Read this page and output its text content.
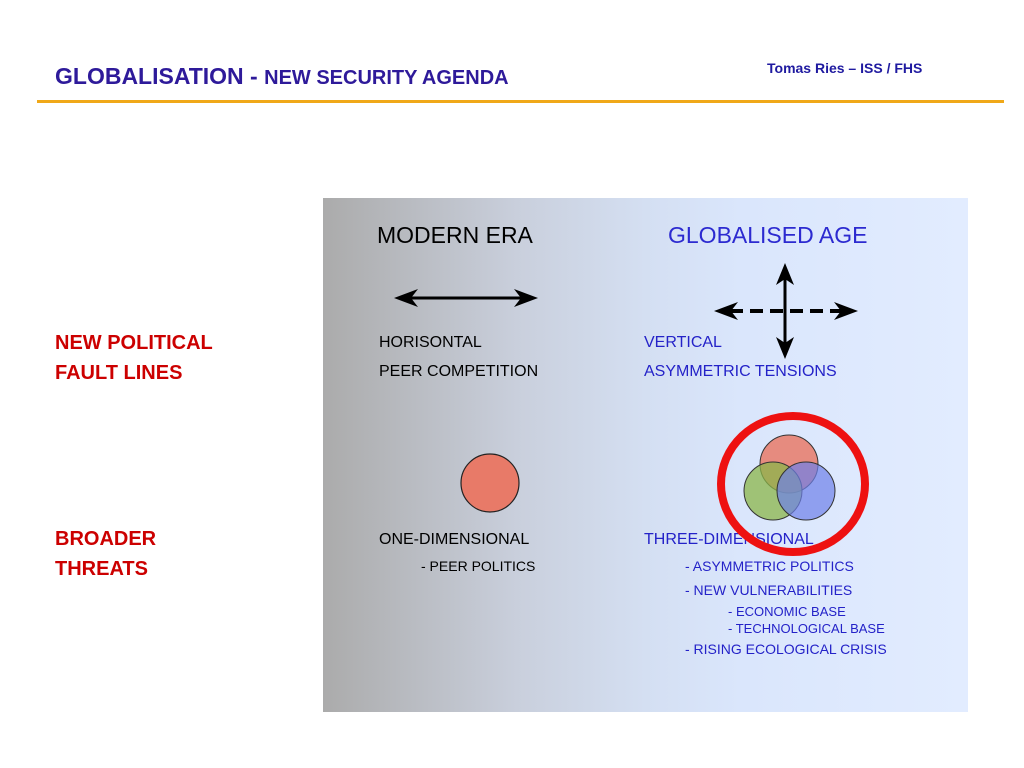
GLOBALISATION - NEW SECURITY AGENDA	Tomas Ries – ISS / FHS
MODERN ERA	GLOBALISED AGE
NEW POLITICAL
FAULT LINES
BROADER
THREATS
HORISONTAL
PEER COMPETITION
ONE-DIMENSIONAL
- PEER POLITICS
VERTICAL
ASYMMETRIC TENSIONS
THREE-DIMENSIONAL
- ASYMMETRIC POLITICS
- NEW VULNERABILITIES
- ECONOMIC BASE
- TECHNOLOGICAL BASE
- RISING ECOLOGICAL CRISIS
